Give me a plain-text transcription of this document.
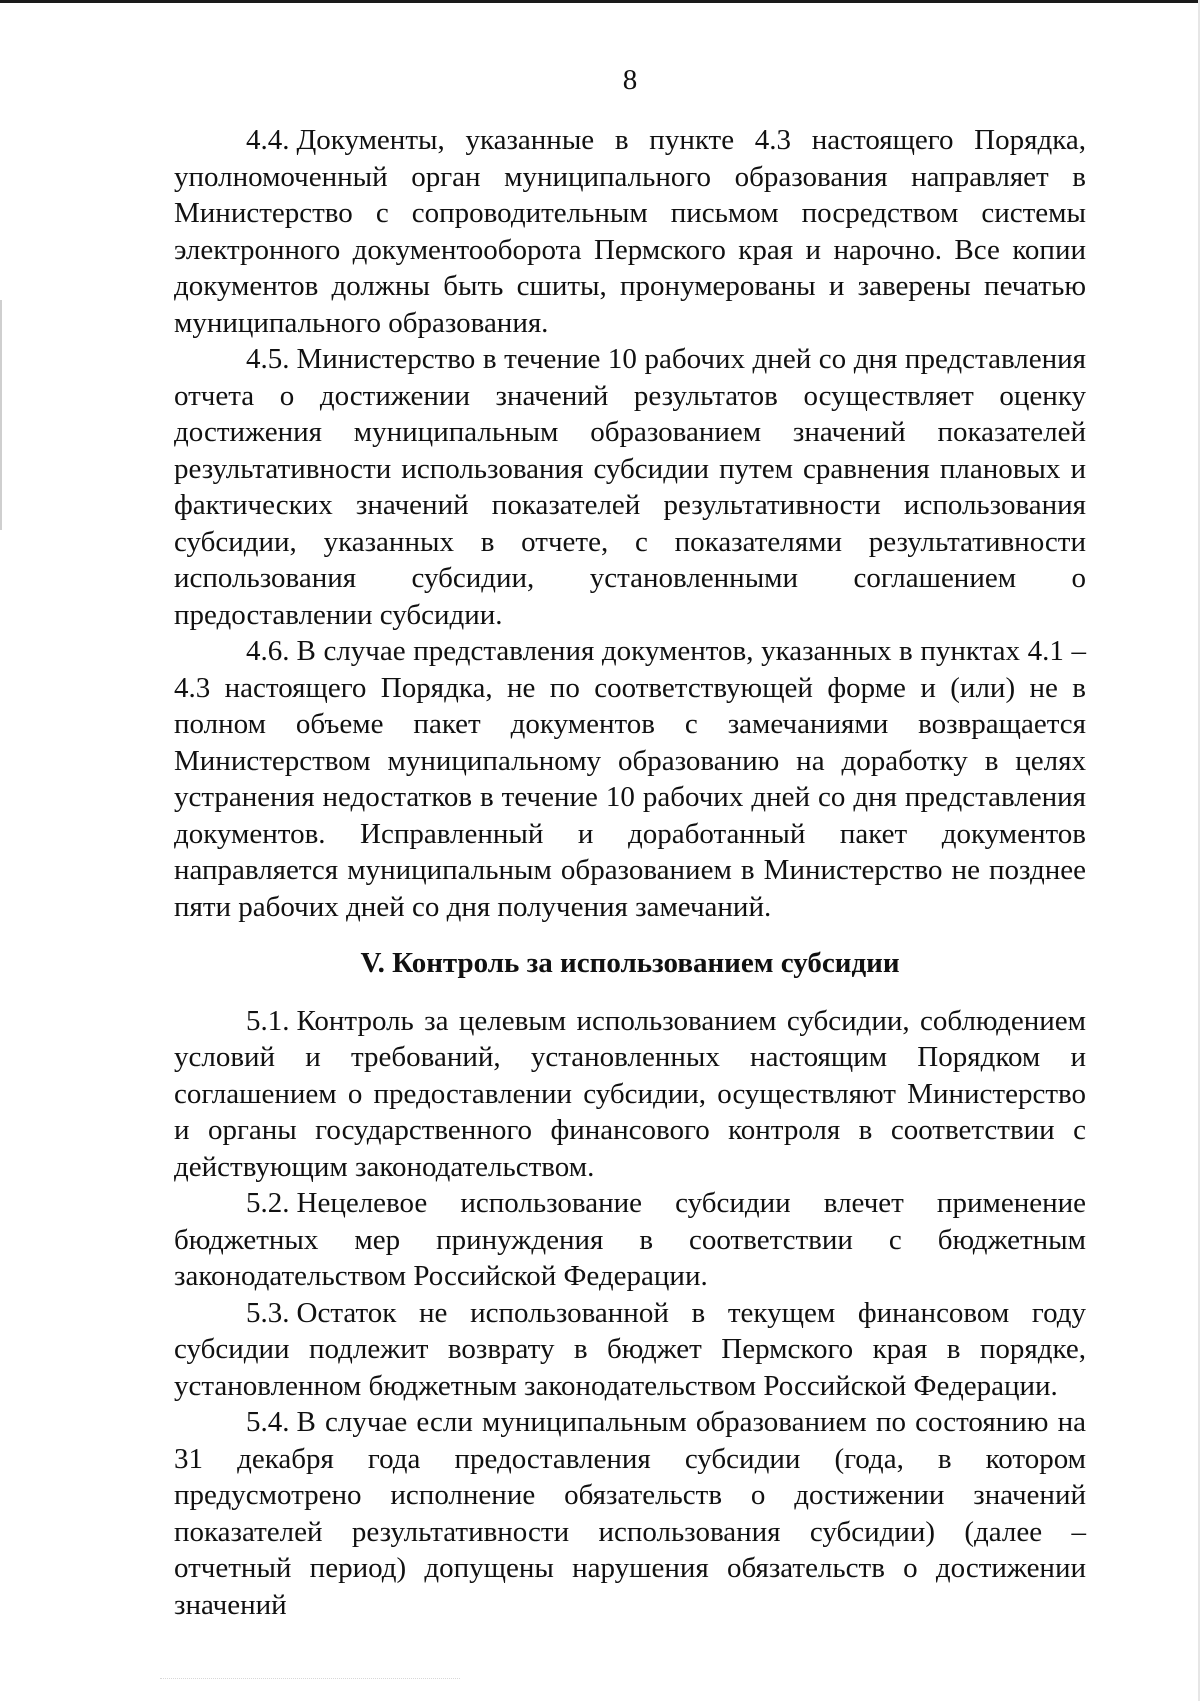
8

4.4. Документы, указанные в пункте 4.3 настоящего Порядка, уполномоченный орган муниципального образования направляет в Министерство с сопроводительным письмом посредством системы электронного документооборота Пермского края и нарочно. Все копии документов должны быть сшиты, пронумерованы и заверены печатью муниципального образования.

4.5. Министерство в течение 10 рабочих дней со дня представления отчета о достижении значений результатов осуществляет оценку достижения муниципальным образованием значений показателей результативности использования субсидии путем сравнения плановых и фактических значений показателей результативности использования субсидии, указанных в отчете, с показателями результативности использования субсидии, установленными соглашением о предоставлении субсидии.

4.6. В случае представления документов, указанных в пунктах 4.1 – 4.3 настоящего Порядка, не по соответствующей форме и (или) не в полном объеме пакет документов с замечаниями возвращается Министерством муниципальному образованию на доработку в целях устранения недостатков в течение 10 рабочих дней со дня представления документов. Исправленный и доработанный пакет документов направляется муниципальным образованием в Министерство не позднее пяти рабочих дней со дня получения замечаний.

V. Контроль за использованием субсидии

5.1. Контроль за целевым использованием субсидии, соблюдением условий и требований, установленных настоящим Порядком и соглашением о предоставлении субсидии, осуществляют Министерство и органы государственного финансового контроля в соответствии с действующим законодательством.

5.2. Нецелевое использование субсидии влечет применение бюджетных мер принуждения в соответствии с бюджетным законодательством Российской Федерации.

5.3. Остаток не использованной в текущем финансовом году субсидии подлежит возврату в бюджет Пермского края в порядке, установленном бюджетным законодательством Российской Федерации.

5.4. В случае если муниципальным образованием по состоянию на 31 декабря года предоставления субсидии (года, в котором предусмотрено исполнение обязательств о достижении значений показателей результативности использования субсидии) (далее – отчетный период) допущены нарушения обязательств о достижении значений
